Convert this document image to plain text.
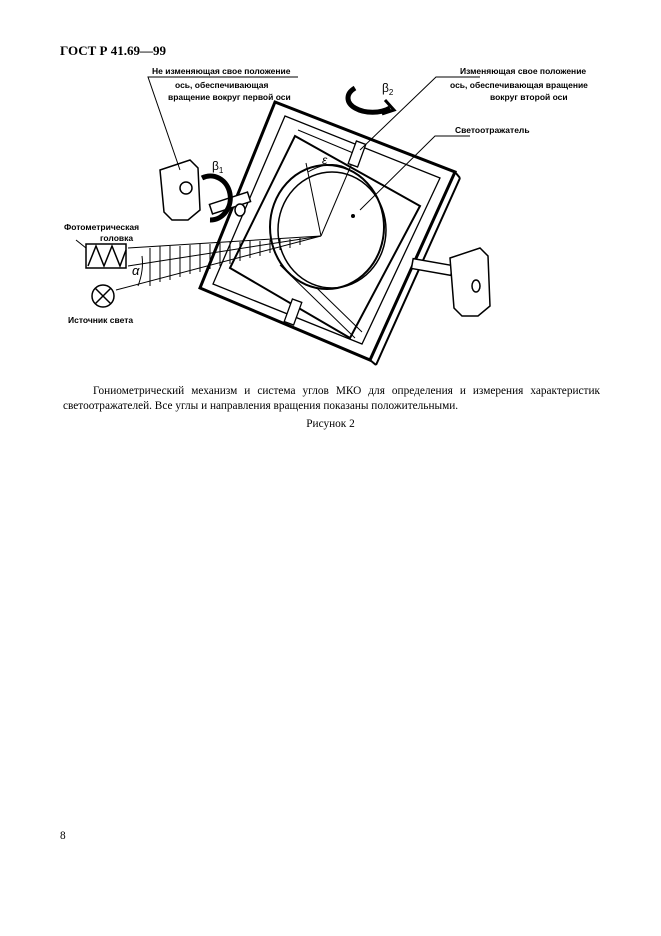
ГОСТ Р 41.69—99
ε
$\beta_1$
$\beta_2$
α
Не изменяющая свое положение
ось, обеспечивающая
вращение вокруг первой оси
Изменяющая свое положение
ось, обеспечивающая вращение
вокруг второй оси
Светоотражатель
Фотометрическая
головка
Источник света
Гониометрический механизм и система углов МКО для определения и измерения характеристик светоотражателей. Все углы и направления вращения показаны положительными.
Рисунок 2
8
